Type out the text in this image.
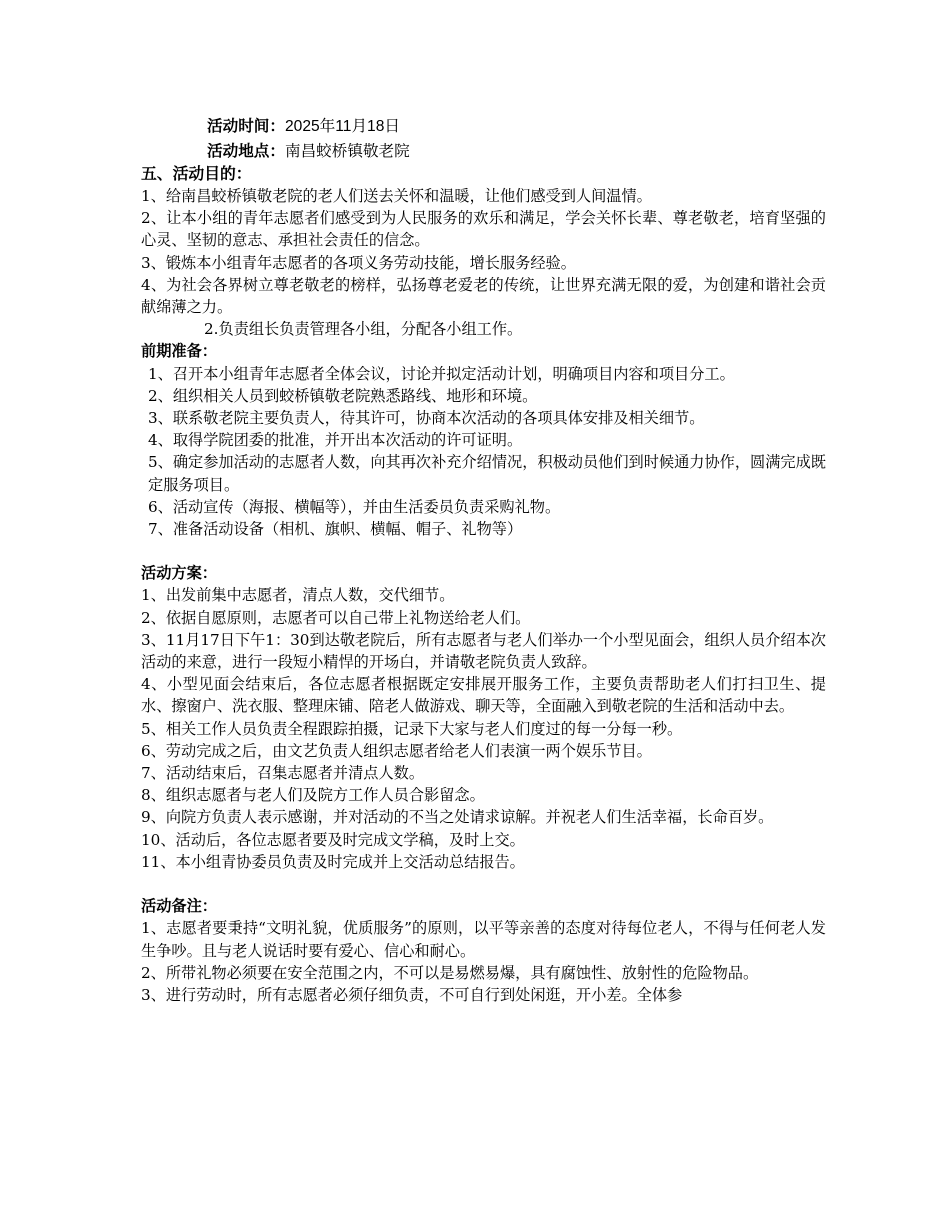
活动时间：2025年11月18日
活动地点：南昌蛟桥镇敬老院
五、活动目的：

1、给南昌蛟桥镇敬老院的老人们送去关怀和温暖，让他们感受到人间温情。

2、让本小组的青年志愿者们感受到为人民服务的欢乐和满足，学会关怀长辈、尊老敬老，培育坚强的心灵、坚韧的意志、承担社会责任的信念。

3、锻炼本小组青年志愿者的各项义务劳动技能，增长服务经验。

4、为社会各界树立尊老敬老的榜样，弘扬尊老爱老的传统，让世界充满无限的爱，为创建和谐社会贡献绵薄之力。

2.负责组长负责管理各小组，分配各小组工作。

前期准备：

1、召开本小组青年志愿者全体会议，讨论并拟定活动计划，明确项目内容和项目分工。

2、组织相关人员到蛟桥镇敬老院熟悉路线、地形和环境。

3、联系敬老院主要负责人，待其许可，协商本次活动的各项具体安排及相关细节。

4、取得学院团委的批准，并开出本次活动的许可证明。

5、确定参加活动的志愿者人数，向其再次补充介绍情况，积极动员他们到时候通力协作，圆满完成既定服务项目。

6、活动宣传（海报、横幅等），并由生活委员负责采购礼物。

7、准备活动设备（相机、旗帜、横幅、帽子、礼物等）

活动方案：

1、出发前集中志愿者，清点人数，交代细节。

2、依据自愿原则，志愿者可以自己带上礼物送给老人们。

3、11月17日下午1：30到达敬老院后，所有志愿者与老人们举办一个小型见面会，组织人员介绍本次活动的来意，进行一段短小精悍的开场白，并请敬老院负责人致辞。

4、小型见面会结束后，各位志愿者根据既定安排展开服务工作，主要负责帮助老人们打扫卫生、提水、擦窗户、洗衣服、整理床铺、陪老人做游戏、聊天等，全面融入到敬老院的生活和活动中去。

5、相关工作人员负责全程跟踪拍摄，记录下大家与老人们度过的每一分每一秒。

6、劳动完成之后，由文艺负责人组织志愿者给老人们表演一两个娱乐节目。

7、活动结束后，召集志愿者并清点人数。

8、组织志愿者与老人们及院方工作人员合影留念。

9、向院方负责人表示感谢，并对活动的不当之处请求谅解。并祝老人们生活幸福，长命百岁。

10、活动后，各位志愿者要及时完成文学稿，及时上交。

11、本小组青协委员负责及时完成并上交活动总结报告。

活动备注：

1、志愿者要秉持“文明礼貌，优质服务”的原则，以平等亲善的态度对待每位老人，不得与任何老人发生争吵。且与老人说话时要有爱心、信心和耐心。

2、所带礼物必须要在安全范围之内，不可以是易燃易爆，具有腐蚀性、放射性的危险物品。

3、进行劳动时，所有志愿者必须仔细负责，不可自行到处闲逛，开小差。全体参
